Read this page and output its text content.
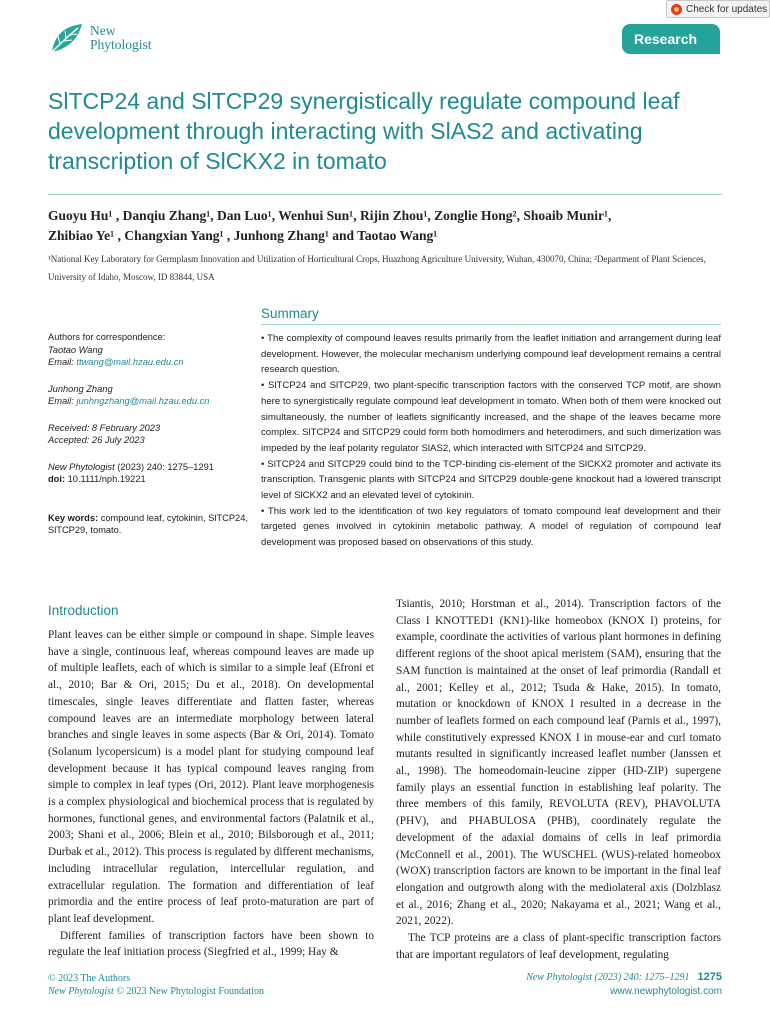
Check for updates
New
Phytologist	Research
SlTCP24 and SlTCP29 synergistically regulate compound leaf development through interacting with SlAS2 and activating transcription of SlCKX2 in tomato
Guoyu Hu¹ , Danqiu Zhang¹, Dan Luo¹, Wenhui Sun¹, Rijin Zhou¹, Zonglie Hong², Shoaib Munir¹,
Zhibiao Ye¹ , Changxian Yang¹ , Junhong Zhang¹ and Taotao Wang¹
¹National Key Laboratory for Germplasm Innovation and Utilization of Horticultural Crops, Huazhong Agriculture University, Wuhan, 430070, China; ²Department of Plant Sciences, University of Idaho, Moscow, ID 83844, USA
Summary
Authors for correspondence:
Taotao Wang
Email: ttwang@mail.hzau.edu.cn
Junhong Zhang
Email: junhngzhang@mail.hzau.edu.cn
Received: 8 February 2023
Accepted: 26 July 2023
New Phytologist (2023) 240: 1275–1291
doi: 10.1111/nph.19221
Key words: compound leaf, cytokinin, SlTCP24, SlTCP29, tomato.

• The complexity of compound leaves results primarily from the leaflet initiation and arrangement during leaf development. However, the molecular mechanism underlying compound leaf development remains a central research question.

• SlTCP24 and SlTCP29, two plant-specific transcription factors with the conserved TCP motif, are shown here to synergistically regulate compound leaf development in tomato. When both of them were knocked out simultaneously, the number of leaflets significantly increased, and the shape of the leaves became more complex. SlTCP24 and SlTCP29 could form both homodimers and heterodimers, and such dimerization was impeded by the leaf polarity regulator SlAS2, which interacted with SlTCP24 and SlTCP29.

• SlTCP24 and SlTCP29 could bind to the TCP-binding cis-element of the SlCKX2 promoter and activate its transcription. Transgenic plants with SlTCP24 and SlTCP29 double-gene knockout had a lowered transcript level of SlCKX2 and an elevated level of cytokinin.

• This work led to the identification of two key regulators of tomato compound leaf development and their targeted genes involved in cytokinin metabolic pathway. A model of regulation of compound leaf development was proposed based on observations of this study.

Introduction

Plant leaves can be either simple or compound in shape. Simple leaves have a single, continuous leaf, whereas compound leaves are made up of multiple leaflets, each of which is similar to a simple leaf (Efroni et al., 2010; Bar & Ori, 2015; Du et al., 2018). On developmental timescales, single leaves differentiate and flatten faster, whereas compound leaves are an intermediate morphology between lateral branches and single leaves in some aspects (Bar & Ori, 2014). Tomato (Solanum lycopersicum) is a model plant for studying compound leaf development because it has typical compound leaves ranging from simple to complex in leaf types (Ori, 2012). Plant leave morphogenesis is a complex physiological and biochemical process that is regulated by hormones, functional genes, and environmental factors (Palatnik et al., 2003; Shani et al., 2006; Blein et al., 2010; Bilsborough et al., 2011; Durbak et al., 2012). This process is regulated by different mechanisms, including intracellular regulation, intercellular regulation, and extracellular regulation. The formation and differentiation of leaf primordia and the entire process of leaf proto-maturation are part of plant leaf development.

Different families of transcription factors have been shown to regulate the leaf initiation process (Siegfried et al., 1999; Hay &

Tsiantis, 2010; Horstman et al., 2014). Transcription factors of the Class I KNOTTED1 (KN1)-like homeobox (KNOX I) proteins, for example, coordinate the activities of various plant hormones in defining different regions of the shoot apical meristem (SAM), ensuring that the SAM function is maintained at the onset of leaf primordia (Randall et al., 2001; Kelley et al., 2012; Tsuda & Hake, 2015). In tomato, mutation or knockdown of KNOX I resulted in a decrease in the number of leaflets formed on each compound leaf (Parnis et al., 1997), while constitutively expressed KNOX I in mouse-ear and curl tomato mutants resulted in significantly increased leaflet number (Janssen et al., 1998). The homeodomain-leucine zipper (HD-ZIP) supergene family plays an essential function in establishing leaf polarity. The three members of this family, REVOLUTA (REV), PHAVOLUTA (PHV), and PHABULOSA (PHB), coordinately regulate the development of the adaxial domains of cells in leaf primordia (McConnell et al., 2001). The WUSCHEL (WUS)-related homeobox (WOX) transcription factors are known to be important in the final leaf elongation and outgrowth along with the mediolateral axis (Dolzblasz et al., 2016; Zhang et al., 2020; Nakayama et al., 2021; Wang et al., 2021, 2022).

The TCP proteins are a class of plant-specific transcription factors that are important regulators of leaf development, regulating

© 2023 The Authors
New Phytologist © 2023 New Phytologist Foundation
New Phytologist (2023) 240: 1275–1291 1275
www.newphytologist.com
